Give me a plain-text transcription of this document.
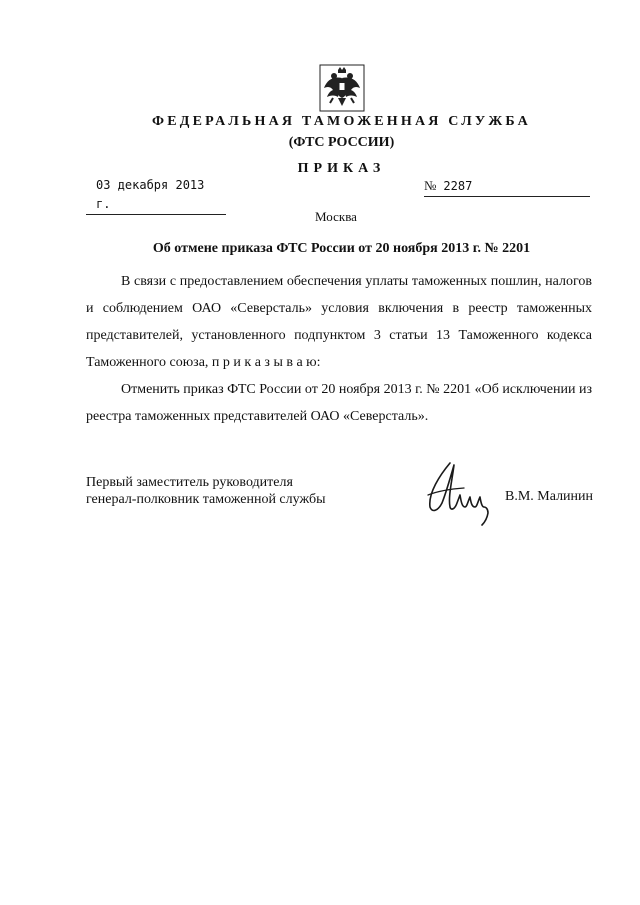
ФЕДЕРАЛЬНАЯ ТАМОЖЕННАЯ СЛУЖБА
(ФТС РОССИИ)
ПРИКАЗ
03 декабря 2013 г.
№ 2287
Москва
Об отмене приказа ФТС России от 20 ноября 2013 г. № 2201
В связи с предоставлением обеспечения уплаты таможенных пошлин, налогов и соблюдением ОАО «Северсталь» условия включения в реестр таможенных представителей, установленного подпунктом 3 статьи 13 Таможенного кодекса Таможенного союза, п р и к а з ы в а ю:
Отменить приказ ФТС России от 20 ноября 2013 г. № 2201 «Об исключении из реестра таможенных представителей ОАО «Северсталь».
Первый заместитель руководителя
генерал-полковник таможенной службы	В.М. Малинин
